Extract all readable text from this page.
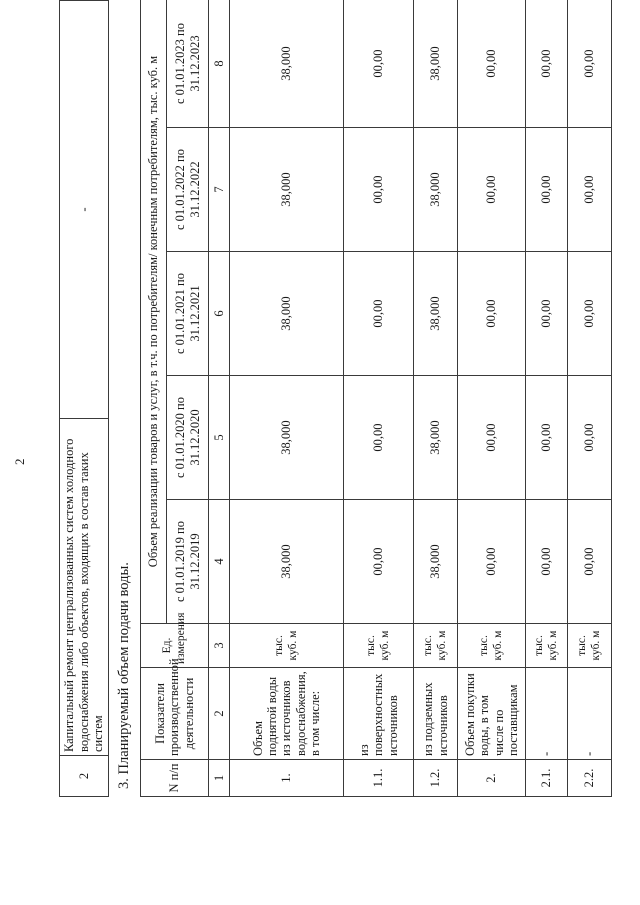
2
2	Капитальный ремонт централизованных систем холодного водоснабжения либо объектов, входящих в состав таких систем	-
3. Планируемый объем подачи воды.	N п/п	Показатели производственной деятельности	Ед. измерения	Объем реализации товаров и услуг, в т.ч. по потребителям/ конечным потребителям, тыс. куб. м				
			с 01.01.2019 по 31.12.2019	с 01.01.2020 по 31.12.2020	с 01.01.2021 по 31.12.2021	с 01.01.2022 по 31.12.2022	с 01.01.2023 по 31.12.2023
1	2	3	4	5	6	7	8
1.	Объем поднятой воды из источников водоснабжения, в том числе:	тыс. куб. м	38,000	38,000	38,000	38,000	38,000
1.1.	из поверхностных источников	тыс. куб. м	00,00	00,00	00,00	00,00	00,00
1.2.	из подземных источников	тыс. куб. м	38,000	38,000	38,000	38,000	38,000
2.	Объем покупки воды, в том числе по поставщикам	тыс. куб. м	00,00	00,00	00,00	00,00	00,00
2.1.	-	тыс. куб. м	00,00	00,00	00,00	00,00	00,00
2.2.	-	тыс. куб. м	00,00	00,00	00,00	00,00	00,00
